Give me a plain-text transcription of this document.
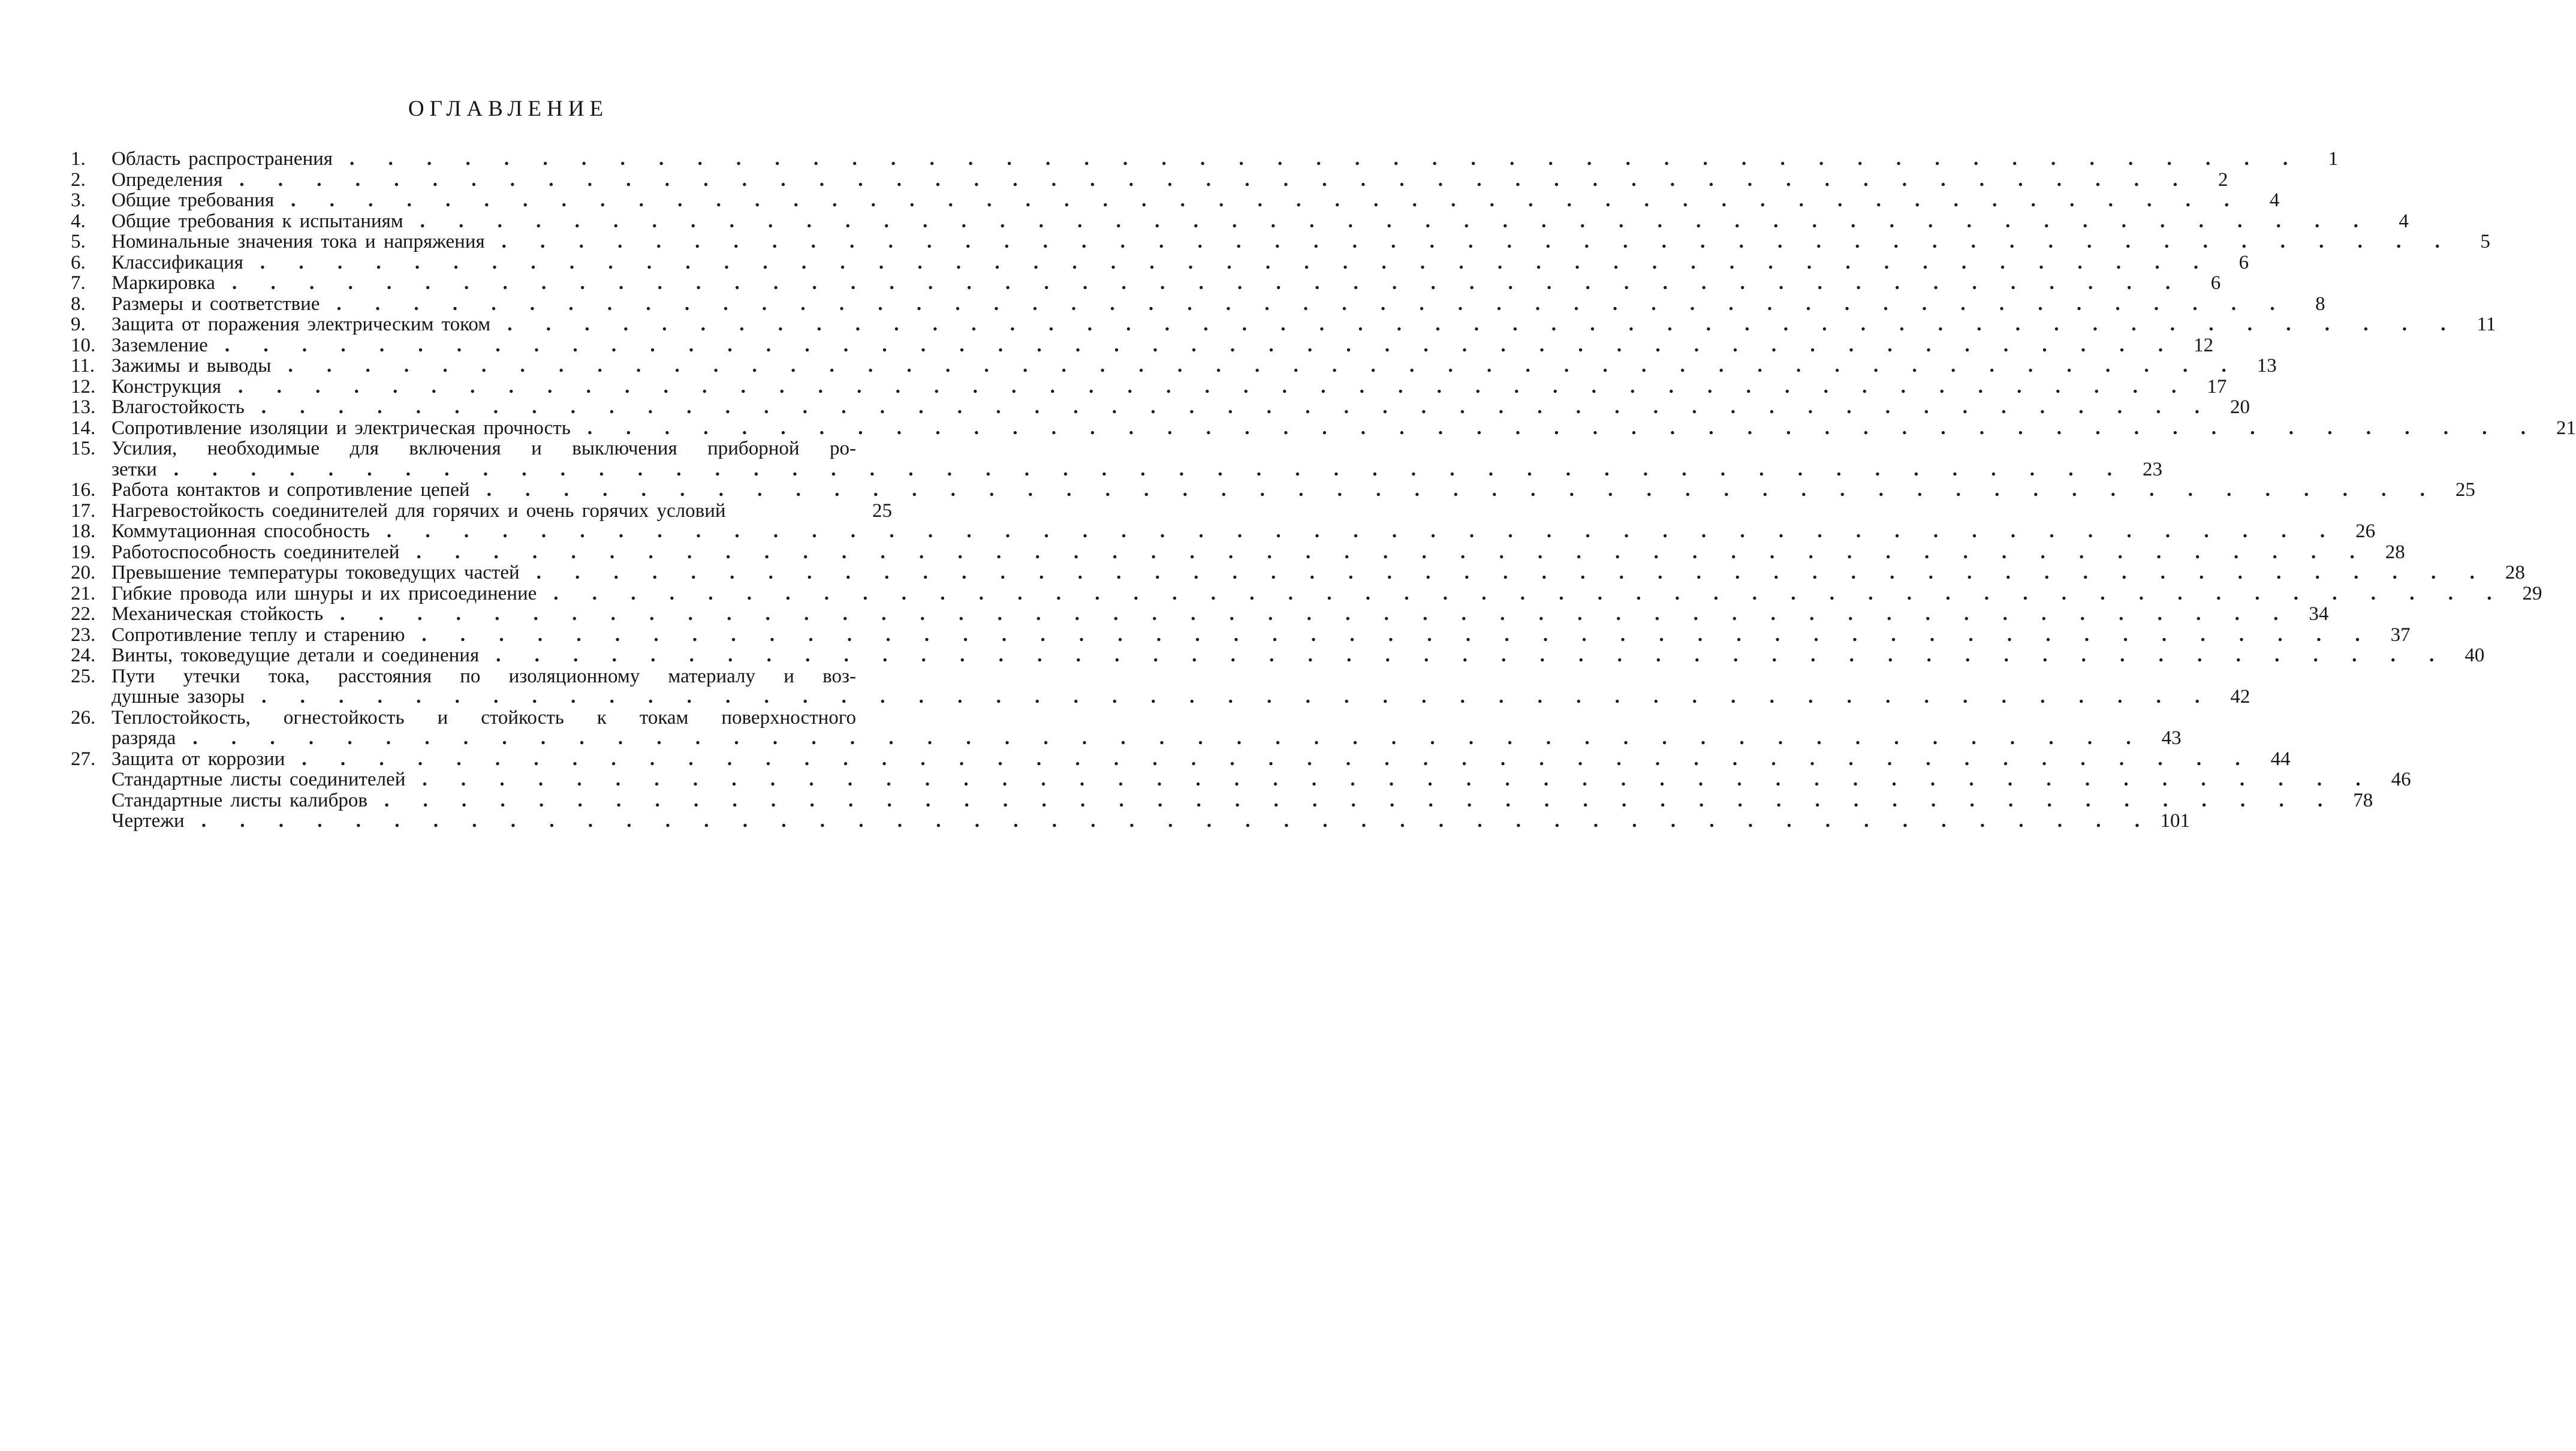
ОГЛАВЛЕНИЕ
1.	Область распространения . . . . . . . . . . . . . . . . . . . . . . . . . . . . . . . . . . . . . . . . . . . . . . . . . . .	1
2.	Определения . . . . . . . . . . . . . . . . . . . . . . . . . . . . . . . . . . . . . . . . . . . . . . . . . . .	2
3.	Общие требования . . . . . . . . . . . . . . . . . . . . . . . . . . . . . . . . . . . . . . . . . . . . . . . . . . .	4
4.	Общие требования к испытаниям . . . . . . . . . . . . . . . . . . . . . . . . . . . . . . . . . . . . . . . . . . . . . . . . . . .	4
5.	Номинальные значения тока и напряжения . . . . . . . . . . . . . . . . . . . . . . . . . . . . . . . . . . . . . . . . . . . . . . . . . . .	5
6.	Классификация . . . . . . . . . . . . . . . . . . . . . . . . . . . . . . . . . . . . . . . . . . . . . . . . . . .	6
7.	Маркировка . . . . . . . . . . . . . . . . . . . . . . . . . . . . . . . . . . . . . . . . . . . . . . . . . . .	6
8.	Размеры и соответствие . . . . . . . . . . . . . . . . . . . . . . . . . . . . . . . . . . . . . . . . . . . . . . . . . . .	8
9.	Защита от поражения электрическим током . . . . . . . . . . . . . . . . . . . . . . . . . . . . . . . . . . . . . . . . . . . . . . . . . . . 11
10. Заземление . . . . . . . . . . . . . . . . . . . . . . . . . . . . . . . . . . . . . . . . . . . . . . . . . . . 12
11. Зажимы и выводы . . . . . . . . . . . . . . . . . . . . . . . . . . . . . . . . . . . . . . . . . . . . . . . . . . . 13
12. Конструкция . . . . . . . . . . . . . . . . . . . . . . . . . . . . . . . . . . . . . . . . . . . . . . . . . . . 17
13. Влагостойкость . . . . . . . . . . . . . . . . . . . . . . . . . . . . . . . . . . . . . . . . . . . . . . . . . . . 20
14. Сопротивление изоляции и электрическая прочность . . . . . . . . . . . . . . . . . . . . . . . . . . . . . . . . . . . . . . . . . . . . . . . . . . . 21
15. Усилия, необходимые для включения и выключения приборной ро-
зетки . . . . . . . . . . . . . . . . . . . . . . . . . . . . . . . . . . . . . . . . . . . . . . . . . . . 23
16. Работа контактов и сопротивление цепей . . . . . . . . . . . . . . . . . . . . . . . . . . . . . . . . . . . . . . . . . . . . . . . . . . . 25
17. Нагревостойкость соединителей для горячих и очень горячих условий	25
18. Коммутационная способность . . . . . . . . . . . . . . . . . . . . . . . . . . . . . . . . . . . . . . . . . . . . . . . . . . . 26
19. Работоспособность соединителей . . . . . . . . . . . . . . . . . . . . . . . . . . . . . . . . . . . . . . . . . . . . . . . . . . . 28
20. Превышение температуры токоведущих частей . . . . . . . . . . . . . . . . . . . . . . . . . . . . . . . . . . . . . . . . . . . . . . . . . . . 28
21. Гибкие провода или шнуры и их присоединение . . . . . . . . . . . . . . . . . . . . . . . . . . . . . . . . . . . . . . . . . . . . . . . . . . . 29
22. Механическая стойкость . . . . . . . . . . . . . . . . . . . . . . . . . . . . . . . . . . . . . . . . . . . . . . . . . . . 34
23. Сопротивление теплу и старению . . . . . . . . . . . . . . . . . . . . . . . . . . . . . . . . . . . . . . . . . . . . . . . . . . . 37
24. Винты, токоведущие детали и соединения . . . . . . . . . . . . . . . . . . . . . . . . . . . . . . . . . . . . . . . . . . . . . . . . . . . 40
25. Пути утечки тока, расстояния по изоляционному материалу и воз-
душные зазоры . . . . . . . . . . . . . . . . . . . . . . . . . . . . . . . . . . . . . . . . . . . . . . . . . . . 42
26. Теплостойкость, огнестойкость и стойкость к токам поверхностного
разряда . . . . . . . . . . . . . . . . . . . . . . . . . . . . . . . . . . . . . . . . . . . . . . . . . . . 43
27. Защита от коррозии . . . . . . . . . . . . . . . . . . . . . . . . . . . . . . . . . . . . . . . . . . . . . . . . . . . 44
Стандартные листы соединителей . . . . . . . . . . . . . . . . . . . . . . . . . . . . . . . . . . . . . . . . . . . . . . . . . . . 46
Стандартные листы калибров . . . . . . . . . . . . . . . . . . . . . . . . . . . . . . . . . . . . . . . . . . . . . . . . . . . 78
Чертежи . . . . . . . . . . . . . . . . . . . . . . . . . . . . . . . . . . . . . . . . . . . . . . . . . . . 101
